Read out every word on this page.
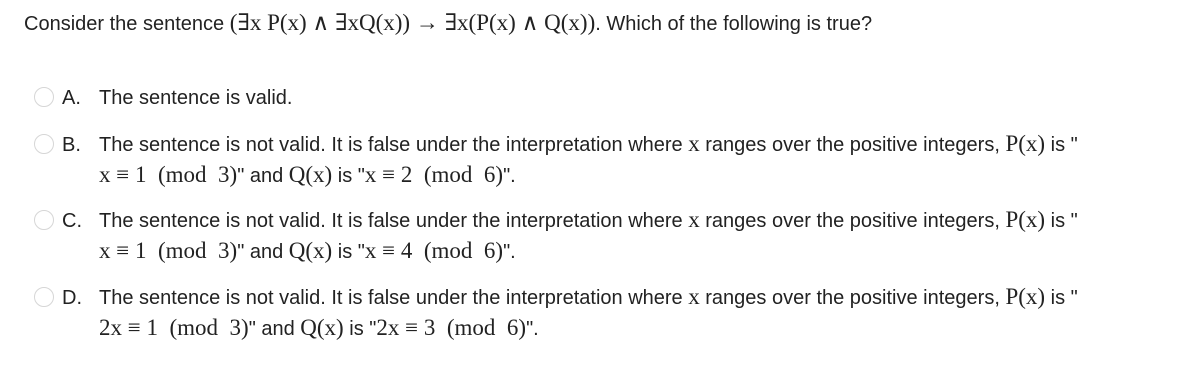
Consider the sentence (∃x P(x) ∧ ∃xQ(x)) → ∃x(P(x) ∧ Q(x)). Which of the following is true?
A. The sentence is valid.
B. The sentence is not valid. It is false under the interpretation where x ranges over the positive integers, P(x) is "
x ≡ 1  (mod  3)" and Q(x) is "x ≡ 2  (mod  6)".
C. The sentence is not valid. It is false under the interpretation where x ranges over the positive integers, P(x) is "
x ≡ 1  (mod  3)" and Q(x) is "x ≡ 4  (mod  6)".
D. The sentence is not valid. It is false under the interpretation where x ranges over the positive integers, P(x) is "
2x ≡ 1  (mod  3)" and Q(x) is "2x ≡ 3  (mod  6)".
